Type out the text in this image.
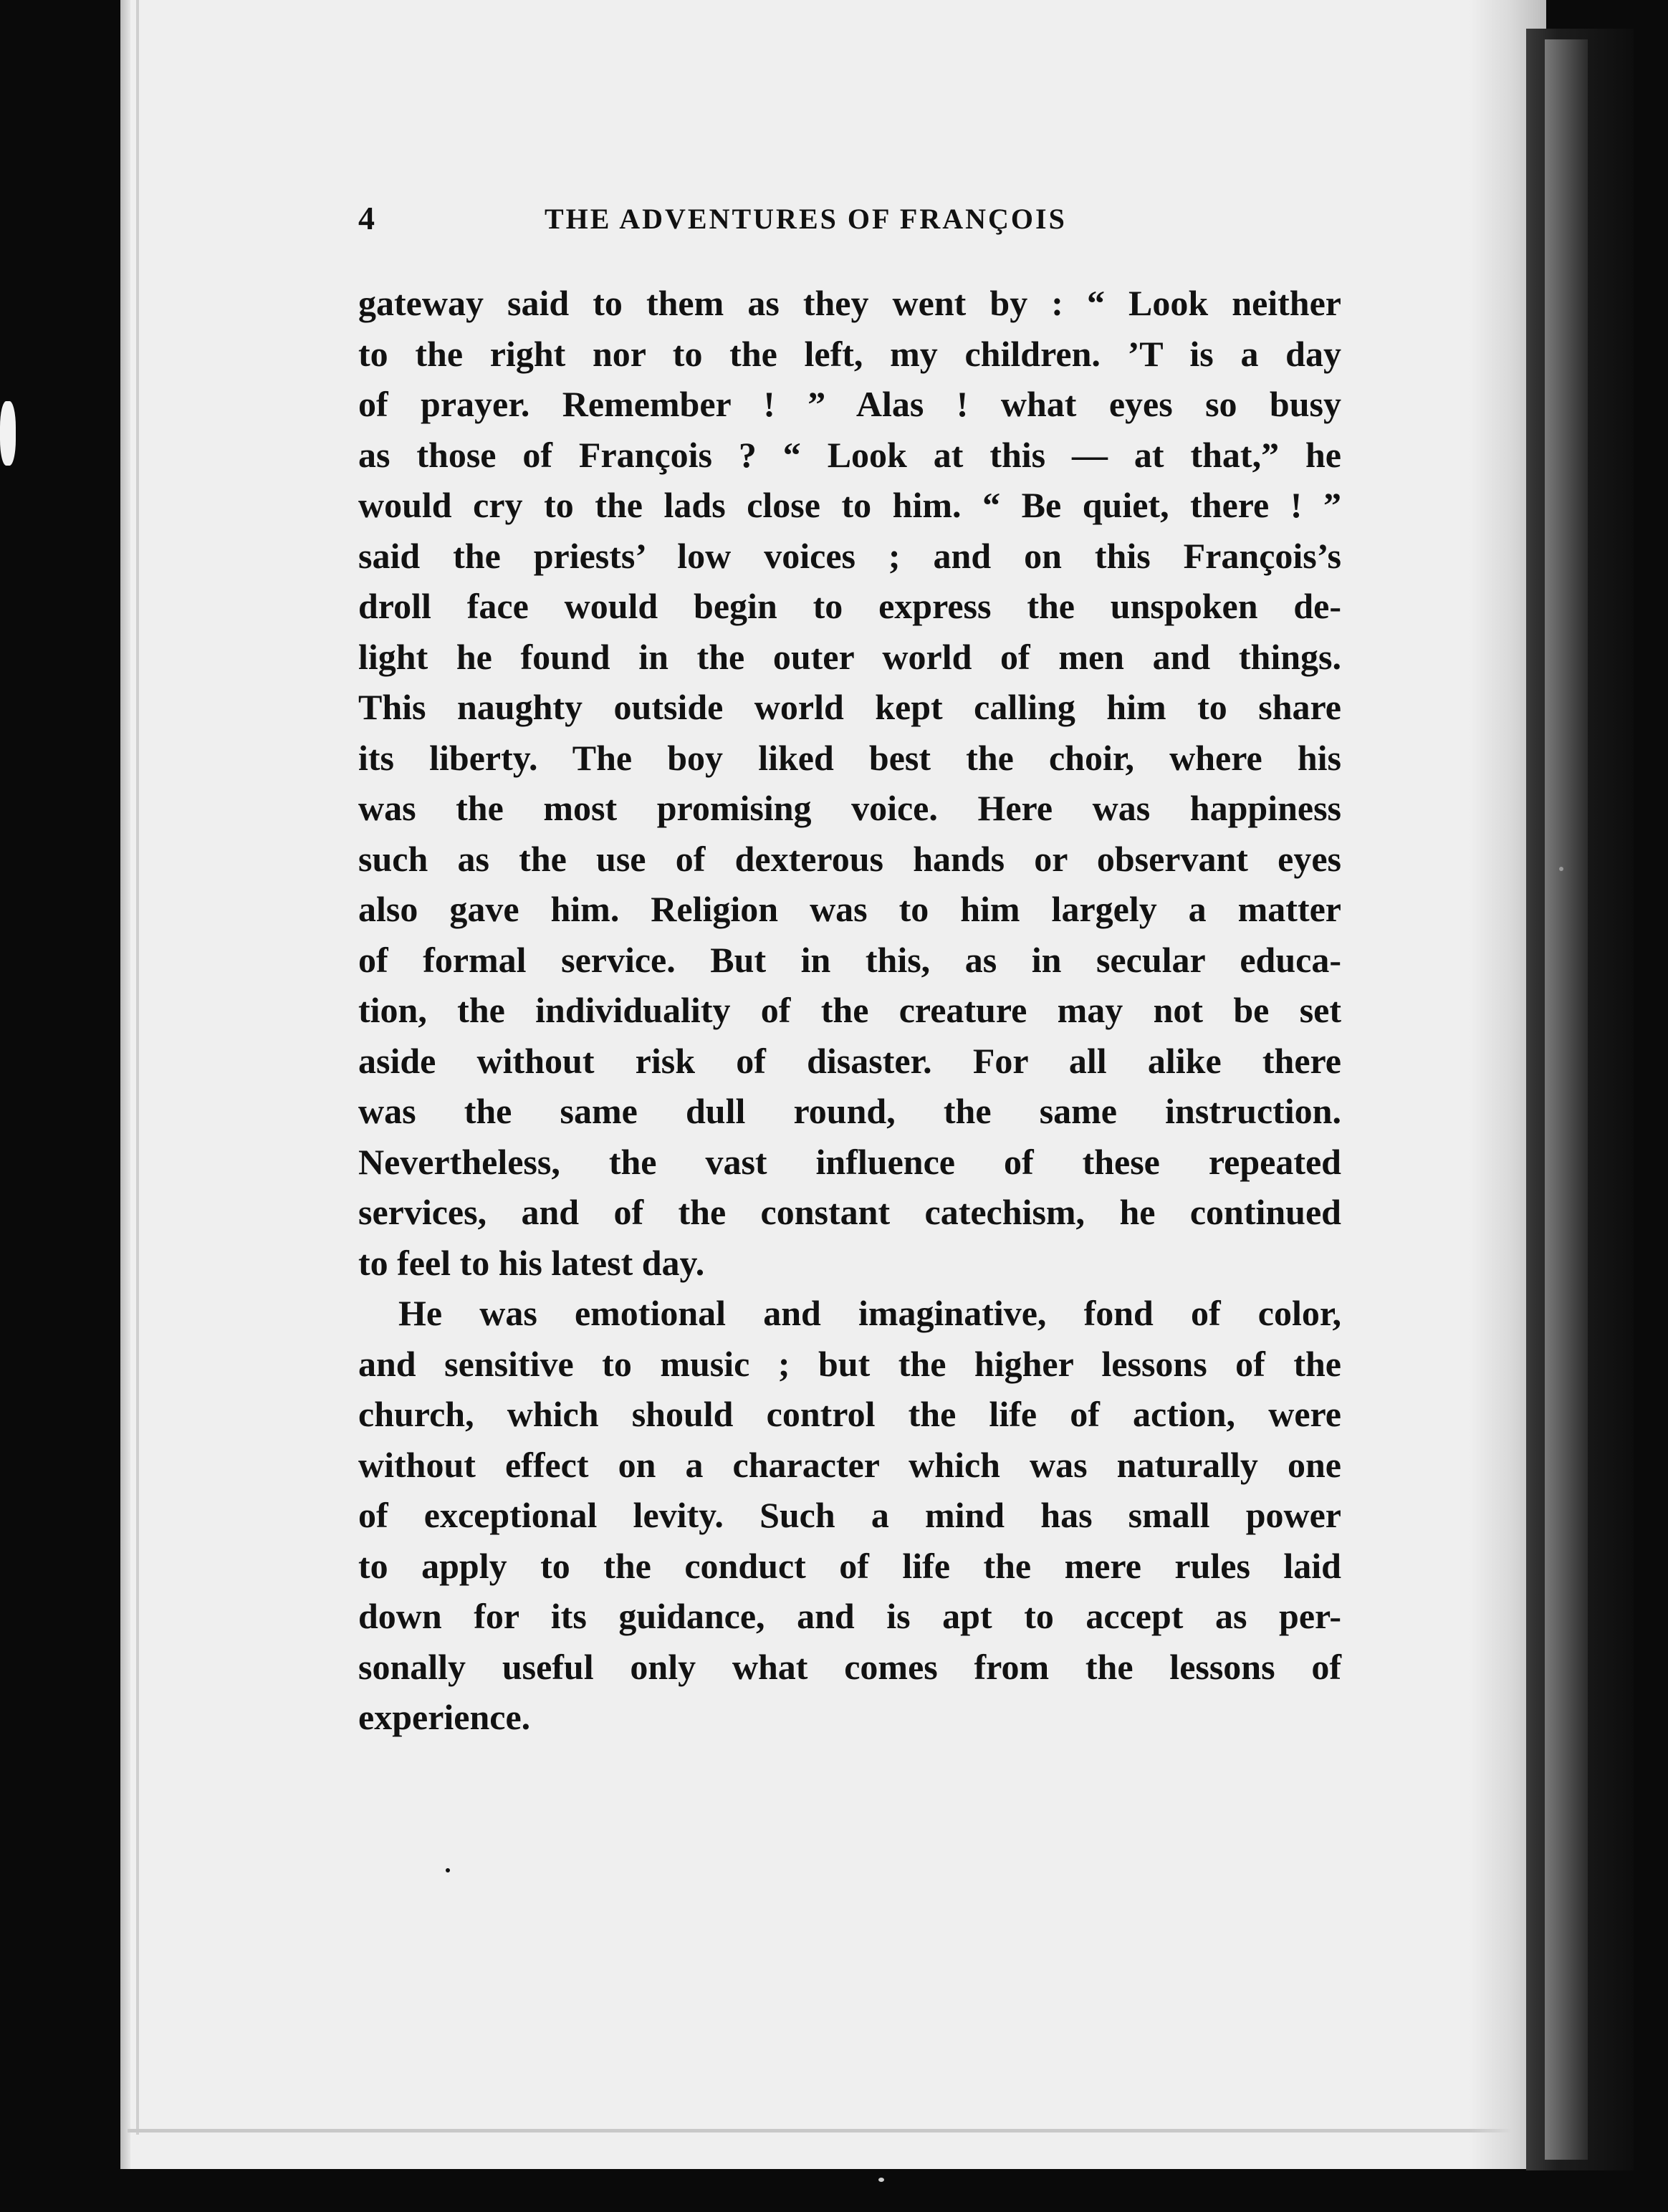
4	THE ADVENTURES OF FRANÇOIS
gateway said to them as they went by : “ Look neither
to the right nor to the left, my children. ’T is a day
of prayer. Remember ! ” Alas ! what eyes so busy
as those of François ? “ Look at this — at that,” he
would cry to the lads close to him. “ Be quiet, there ! ”
said the priests’ low voices ; and on this François’s
droll face would begin to express the unspoken de-
light he found in the outer world of men and things.
This naughty outside world kept calling him to share
its liberty. The boy liked best the choir, where his
was the most promising voice. Here was happiness
such as the use of dexterous hands or observant eyes
also gave him. Religion was to him largely a matter
of formal service. But in this, as in secular educa-
tion, the individuality of the creature may not be set
aside without risk of disaster. For all alike there
was the same dull round, the same instruction.
Nevertheless, the vast influence of these repeated
services, and of the constant catechism, he continued
to feel to his latest day.
He was emotional and imaginative, fond of color,
and sensitive to music ; but the higher lessons of the
church, which should control the life of action, were
without effect on a character which was naturally one
of exceptional levity. Such a mind has small power
to apply to the conduct of life the mere rules laid
down for its guidance, and is apt to accept as per-
sonally useful only what comes from the lessons of
experience.
